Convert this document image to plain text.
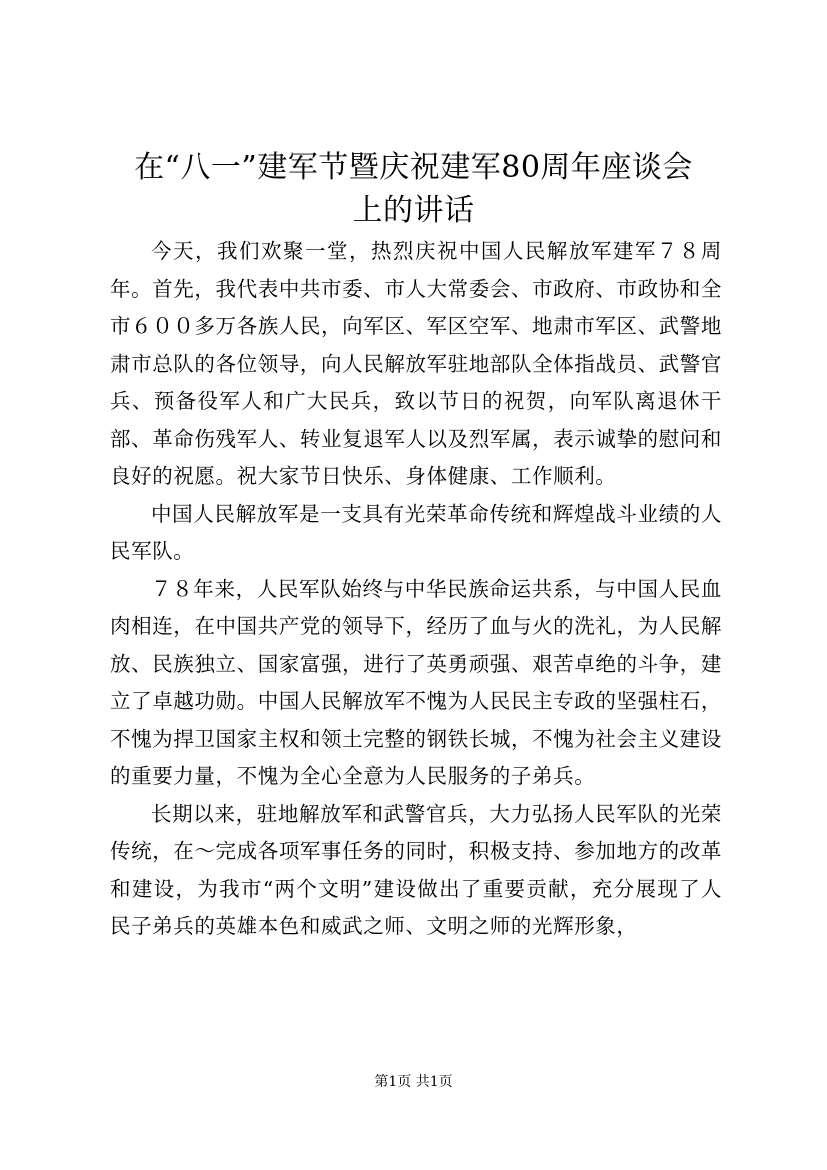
在“八一”建军节暨庆祝建军80周年座谈会
上的讲话

今天，我们欢聚一堂，热烈庆祝中国人民解放军建军７８周年。首先，我代表中共市委、市人大常委会、市政府、市政协和全市６００多万各族人民，向军区、军区空军、地肃市军区、武警地肃市总队的各位领导，向人民解放军驻地部队全体指战员、武警官兵、预备役军人和广大民兵，致以节日的祝贺，向军队离退休干部、革命伤残军人、转业复退军人以及烈军属，表示诚挚的慰问和良好的祝愿。祝大家节日快乐、身体健康、工作顺利。

中国人民解放军是一支具有光荣革命传统和辉煌战斗业绩的人民军队。

７８年来，人民军队始终与中华民族命运共系，与中国人民血肉相连，在中国共产党的领导下，经历了血与火的洗礼，为人民解放、民族独立、国家富强，进行了英勇顽强、艰苦卓绝的斗争，建立了卓越功勋。中国人民解放军不愧为人民民主专政的坚强柱石，不愧为捍卫国家主权和领土完整的钢铁长城，不愧为社会主义建设的重要力量，不愧为全心全意为人民服务的子弟兵。

长期以来，驻地解放军和武警官兵，大力弘扬人民军队的光荣传统，在～完成各项军事任务的同时，积极支持、参加地方的改革和建设，为我市“两个文明”建设做出了重要贡献，充分展现了人民子弟兵的英雄本色和威武之师、文明之师的光辉形象，

第1页 共1页
